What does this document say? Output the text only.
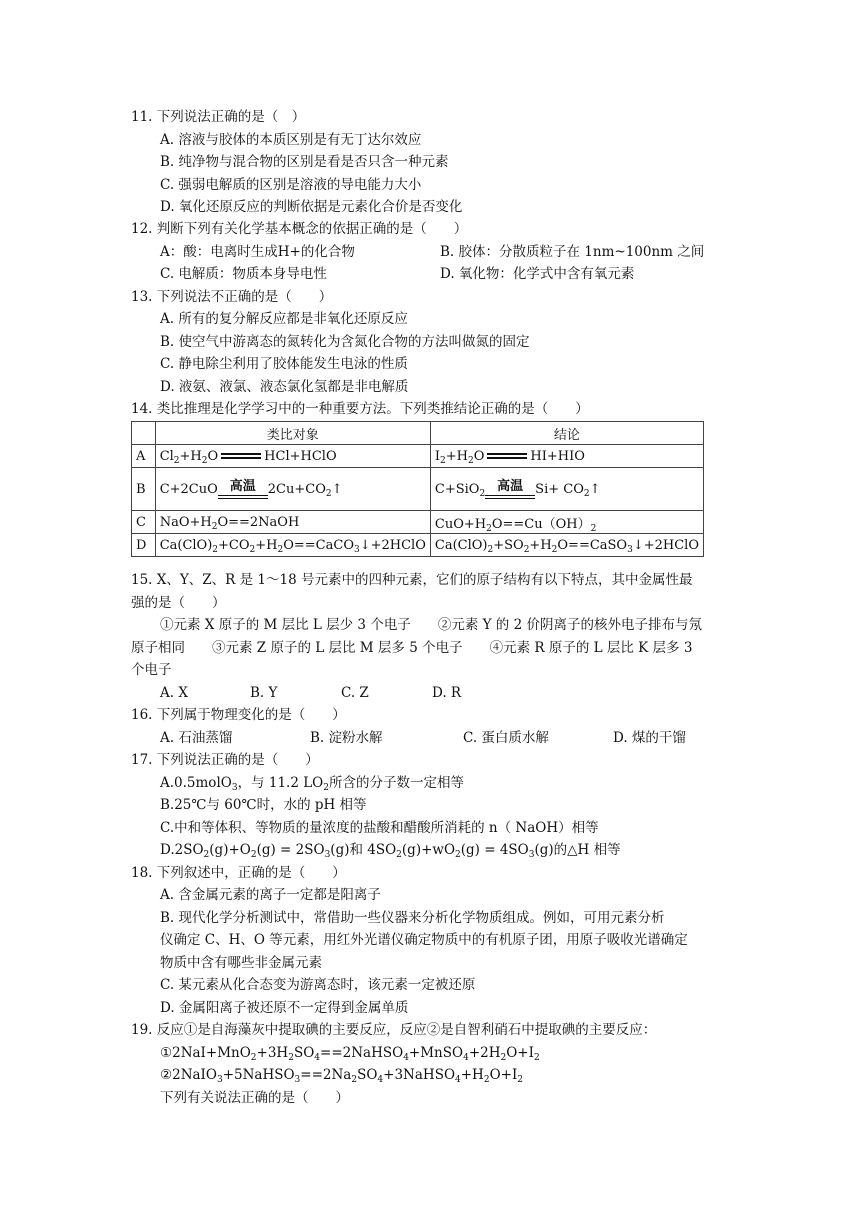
11. 下列说法正确的是（　）
A. 溶液与胶体的本质区别是有无丁达尔效应
B. 纯净物与混合物的区别是看是否只含一种元素
C. 强弱电解质的区别是溶液的导电能力大小
D. 氧化还原反应的判断依据是元素化合价是否变化
12. 判断下列有关化学基本概念的依据正确的是（　　）
A：酸：电离时生成H+的化合物	B. 胶体：分散质粒子在 1nm~100nm 之间
C. 电解质：物质本身导电性	D. 氧化物：化学式中含有氧元素
13. 下列说法不正确的是（　　）
A. 所有的复分解反应都是非氧化还原反应
B. 使空气中游离态的氮转化为含氮化合物的方法叫做氮的固定
C. 静电除尘利用了胶体能发生电泳的性质
D. 液氨、液氯、液态氯化氢都是非电解质
14. 类比推理是化学学习中的一种重要方法。下列类推结论正确的是（　　）
	类比对象	结论
A	$Cl_2+H_2O$ HCl+HClO	$I_2+H_2O$ HI+HIO
B	C+2CuO 高温 $2Cu+CO_2↑$	C+SiO$_2$ 高温 $Si+ CO_2↑$
C	$NaO+H_2O==2NaOH$	$CuO+H_2O==Cu(OH)_2$
D	$Ca(ClO)_2+CO_2+H_2O==CaCO_3↓+2HClO$	$Ca(ClO)_2+SO_2+H_2O==CaSO_3↓+2HClO$
15. X、Y、Z、R 是 1～18 号元素中的四种元素，它们的原子结构有以下特点，其中金属性最
强的是（　　）
①元素 X 原子的 M 层比 L 层少 3 个电子　　②元素 Y 的 2 价阴离子的核外电子排布与氖
原子相同　　③元素 Z 原子的 L 层比 M 层多 5 个电子　　④元素 R 原子的 L 层比 K 层多 3
个电子
A. X	B. Y	C. Z	D. R
16. 下列属于物理变化的是（　　）
A. 石油蒸馏	B. 淀粉水解	C. 蛋白质水解	D. 煤的干馏
17. 下列说法正确的是（　　）
A.0.5molO$_3$，与 11.2 $LO_2$所含的分子数一定相等
B.25℃与 60℃时，水的 pH 相等
C.中和等体积、等物质的量浓度的盐酸和醋酸所消耗的 n（ NaOH）相等
$D.2SO_2(g)+O_2(g) = 2SO_3(g)$和 $4SO_2(g)+wO_2(g) = 4SO_3(g)$的△H 相等
18. 下列叙述中，正确的是（　　）
A. 含金属元素的离子一定都是阳离子
B. 现代化学分析测试中，常借助一些仪器来分析化学物质组成。例如，可用元素分析
仪确定 C、H、O 等元素，用红外光谱仪确定物质中的有机原子团，用原子吸收光谱确定
物质中含有哪些非金属元素
C. 某元素从化合态变为游离态时，该元素一定被还原
D. 金属阳离子被还原不一定得到金属单质
19. 反应①是自海藻灰中提取碘的主要反应，反应②是自智利硝石中提取碘的主要反应：
$①2NaI+MnO_2+3H_2SO_4==2NaHSO_4+MnSO_4+2H_2O+I_2$
$②2NaIO_3+5NaHSO_3==2Na_2SO_4+3NaHSO_4+H_2O+I_2$
下列有关说法正确的是（　　）
